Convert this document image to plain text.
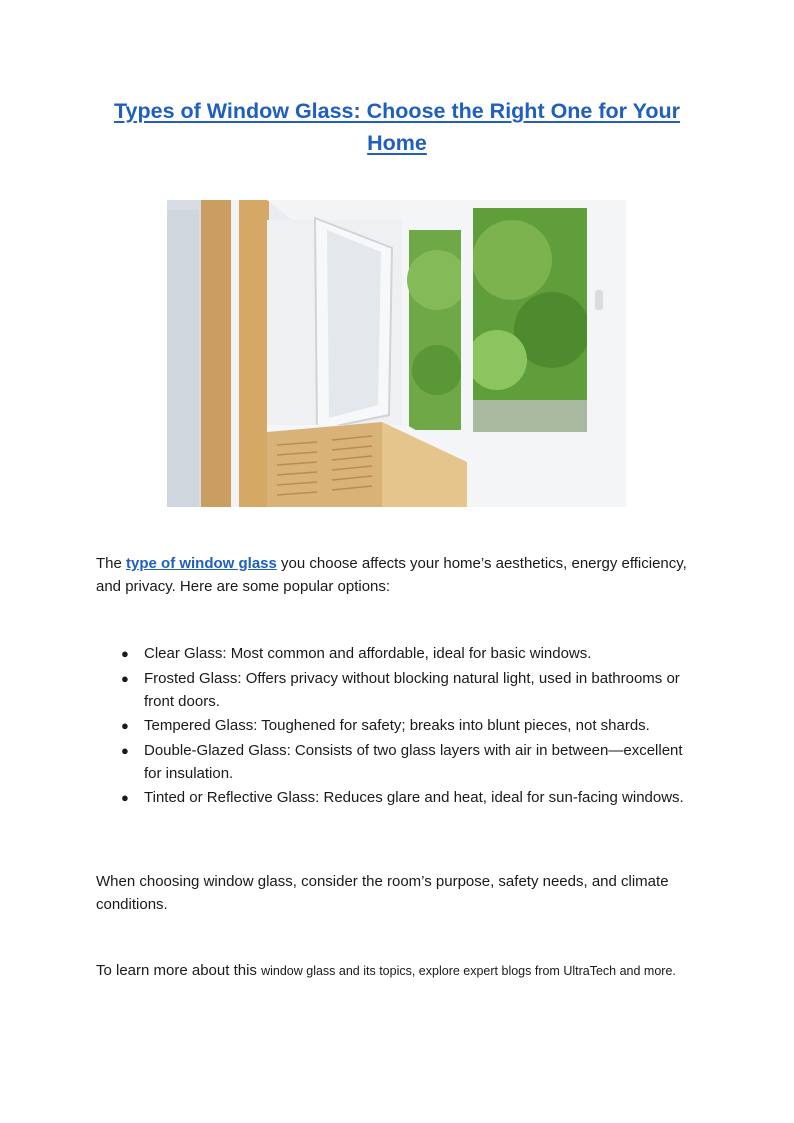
Types of Window Glass: Choose the Right One for Your Home

The type of window glass you choose affects your home’s aesthetics, energy efficiency, and privacy. Here are some popular options:

● Clear Glass: Most common and affordable, ideal for basic windows.
● Frosted Glass: Offers privacy without blocking natural light, used in bathrooms or front doors.
● Tempered Glass: Toughened for safety; breaks into blunt pieces, not shards.
● Double-Glazed Glass: Consists of two glass layers with air in between—excellent for insulation.
● Tinted or Reflective Glass: Reduces glare and heat, ideal for sun-facing windows.

When choosing window glass, consider the room’s purpose, safety needs, and climate conditions.

To learn more about this window glass and its topics, explore expert blogs from UltraTech and more.
